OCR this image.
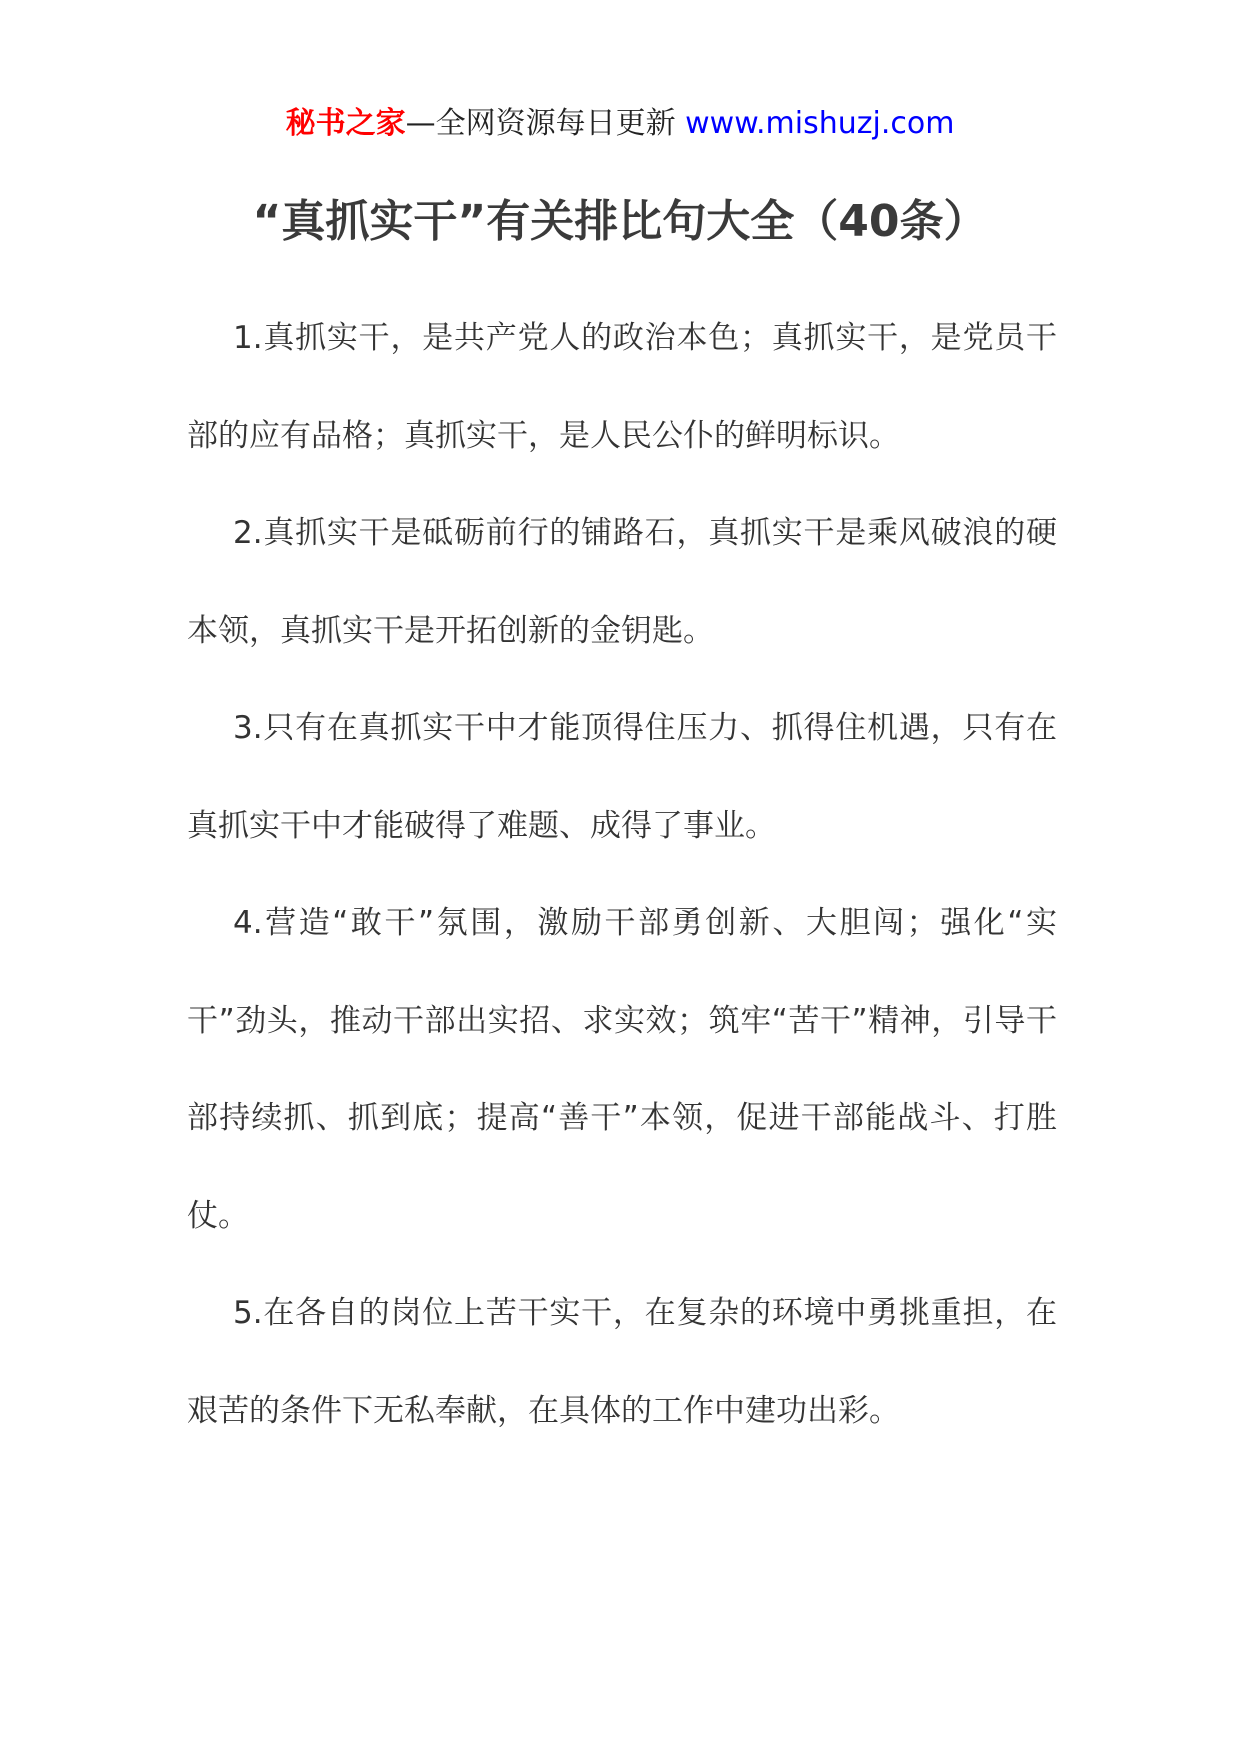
秘书之家—全网资源每日更新 www.mishuzj.com
“真抓实干”有关排比句大全（40条）

1.真抓实干，是共产党人的政治本色；真抓实干，是党员干部的应有品格；真抓实干，是人民公仆的鲜明标识。

2.真抓实干是砥砺前行的铺路石，真抓实干是乘风破浪的硬本领，真抓实干是开拓创新的金钥匙。

3.只有在真抓实干中才能顶得住压力、抓得住机遇，只有在真抓实干中才能破得了难题、成得了事业。

4.营造“敢干”氛围，激励干部勇创新、大胆闯；强化“实干”劲头，推动干部出实招、求实效；筑牢“苦干”精神，引导干部持续抓、抓到底；提高“善干”本领，促进干部能战斗、打胜仗。

5.在各自的岗位上苦干实干，在复杂的环境中勇挑重担，在艰苦的条件下无私奉献，在具体的工作中建功出彩。
